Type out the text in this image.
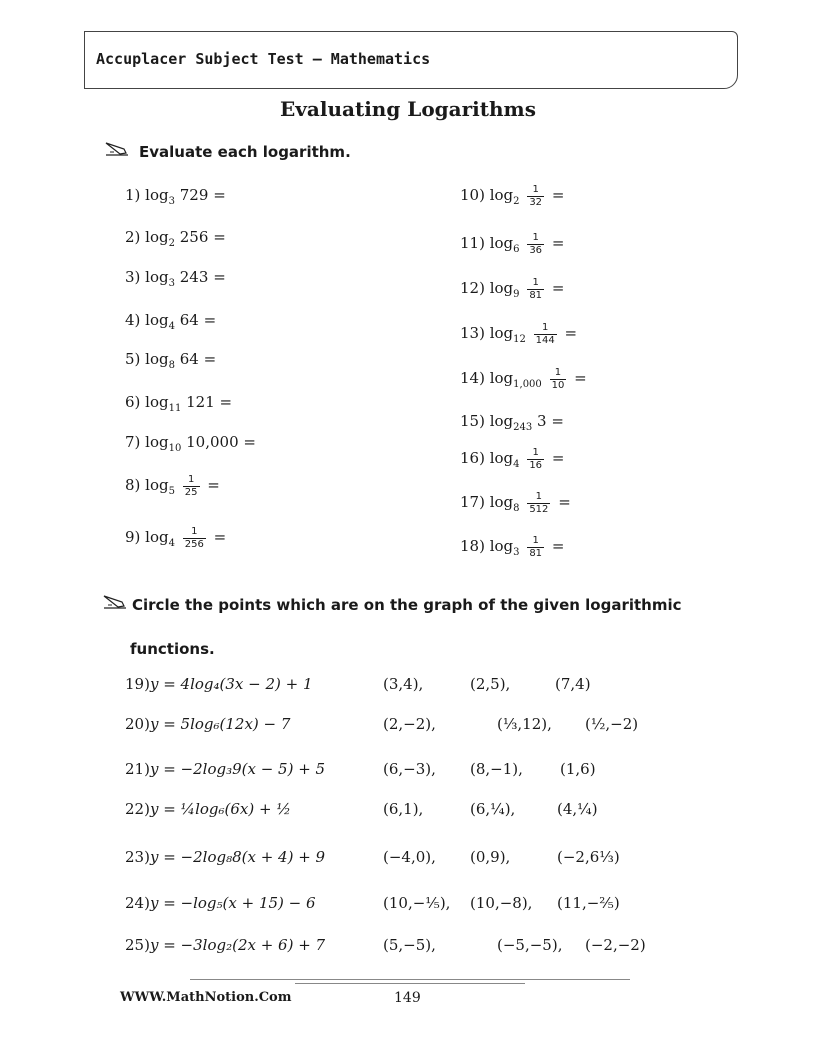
Accuplacer Subject Test – Mathematics
Evaluating Logarithms
Evaluate each logarithm.
1) $\log_3 729$ =
2) $\log_2 256$ =
3) $\log_3 243$ =
4) $\log_4 64$ =
5) $\log_8 64$ =
6) $\log_{11} 121$ =
7) $\log_{10} 10,000$ =
8) $\log_5 \frac{1}{25}$ =
9) $\log_4 \frac{1}{256}$ =
10) $\log_2 \frac{1}{32}$ =
11) $\log_6 \frac{1}{36}$ =
12) $\log_9 \frac{1}{81}$ =
13) $\log_{12} \frac{1}{144}$ =
14) $\log_{1,000} \frac{1}{10}$ =
15) $\log_{243} 3$ =
16) $\log_4 \frac{1}{16}$ =
17) $\log_8 \frac{1}{512}$ =
18) $\log_3 \frac{1}{81}$ =
Circle the points which are on the graph of the given logarithmic
functions.
19)y = 4log₄(3x − 2) + 1	(3,4),	(2,5),	(7,4)
20)y = 5log₆(12x) − 7	(2,−2),	(⅓,12), (½,−2)
21)y = −2log₃9(x − 5) + 5	(6,−3), (8,−1), (1,6)
22)y = ¼log₆(6x) + ½	(6,1),	(6,¼),	(4,¼)
23)y = −2log₈8(x + 4) + 9	(−4,0), (0,9),	(−2,6⅓)
24)y = −log₅(x + 15) − 6	(10,−⅕), (10,−8), (11,−⅖)
25)y = −3log₂(2x + 6) + 7	(5,−5),	(−5,−5), (−2,−2)
WWW.MathNotion.Com	149
